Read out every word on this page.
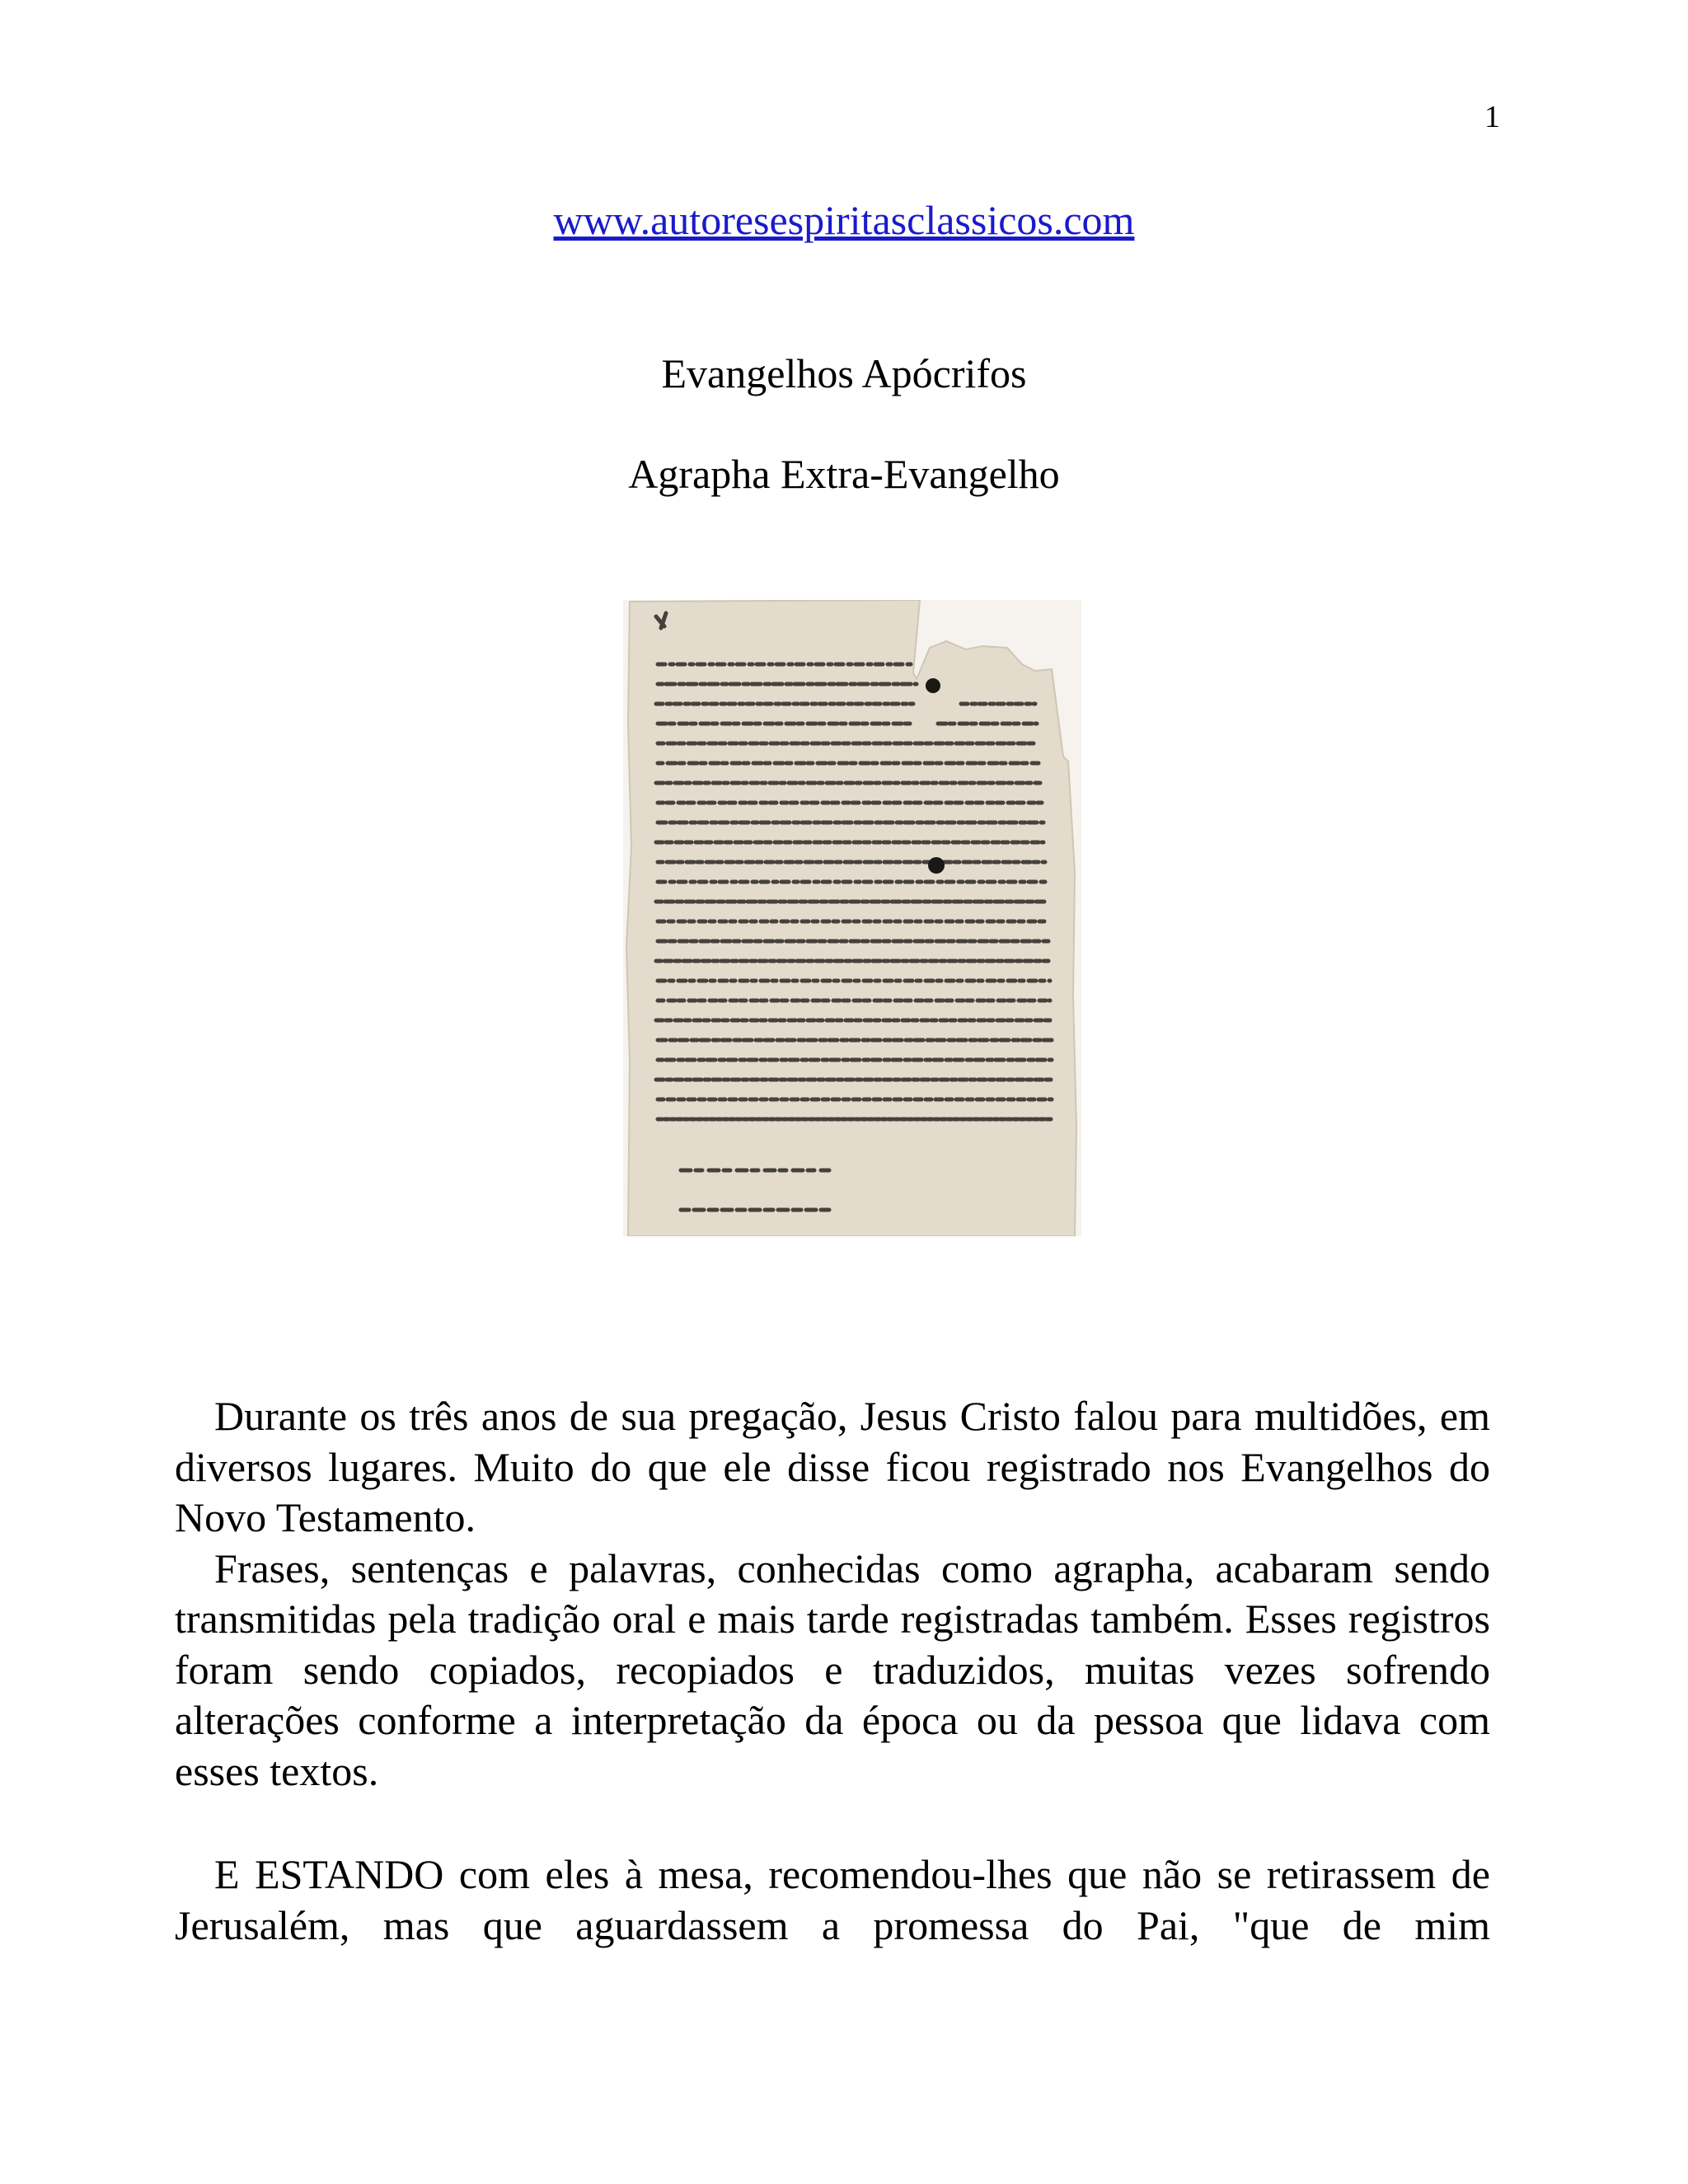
1
www.autoresespiritasclassicos.com
Evangelhos Apócrifos
Agrapha Extra-Evangelho

Durante os três anos de sua pregação, Jesus Cristo falou para multidões, em diversos lugares. Muito do que ele disse ficou registrado nos Evangelhos do Novo Testamento.

Frases, sentenças e palavras, conhecidas como agrapha, acabaram sendo transmitidas pela tradição oral e mais tarde registradas também. Esses registros foram sendo copiados, recopiados e traduzidos, muitas vezes sofrendo alterações conforme a interpretação da época ou da pessoa que lidava com esses textos.

E ESTANDO com eles à mesa, recomendou-lhes que não se retirassem de Jerusalém, mas que aguardassem a promessa do Pai, "que de mim
